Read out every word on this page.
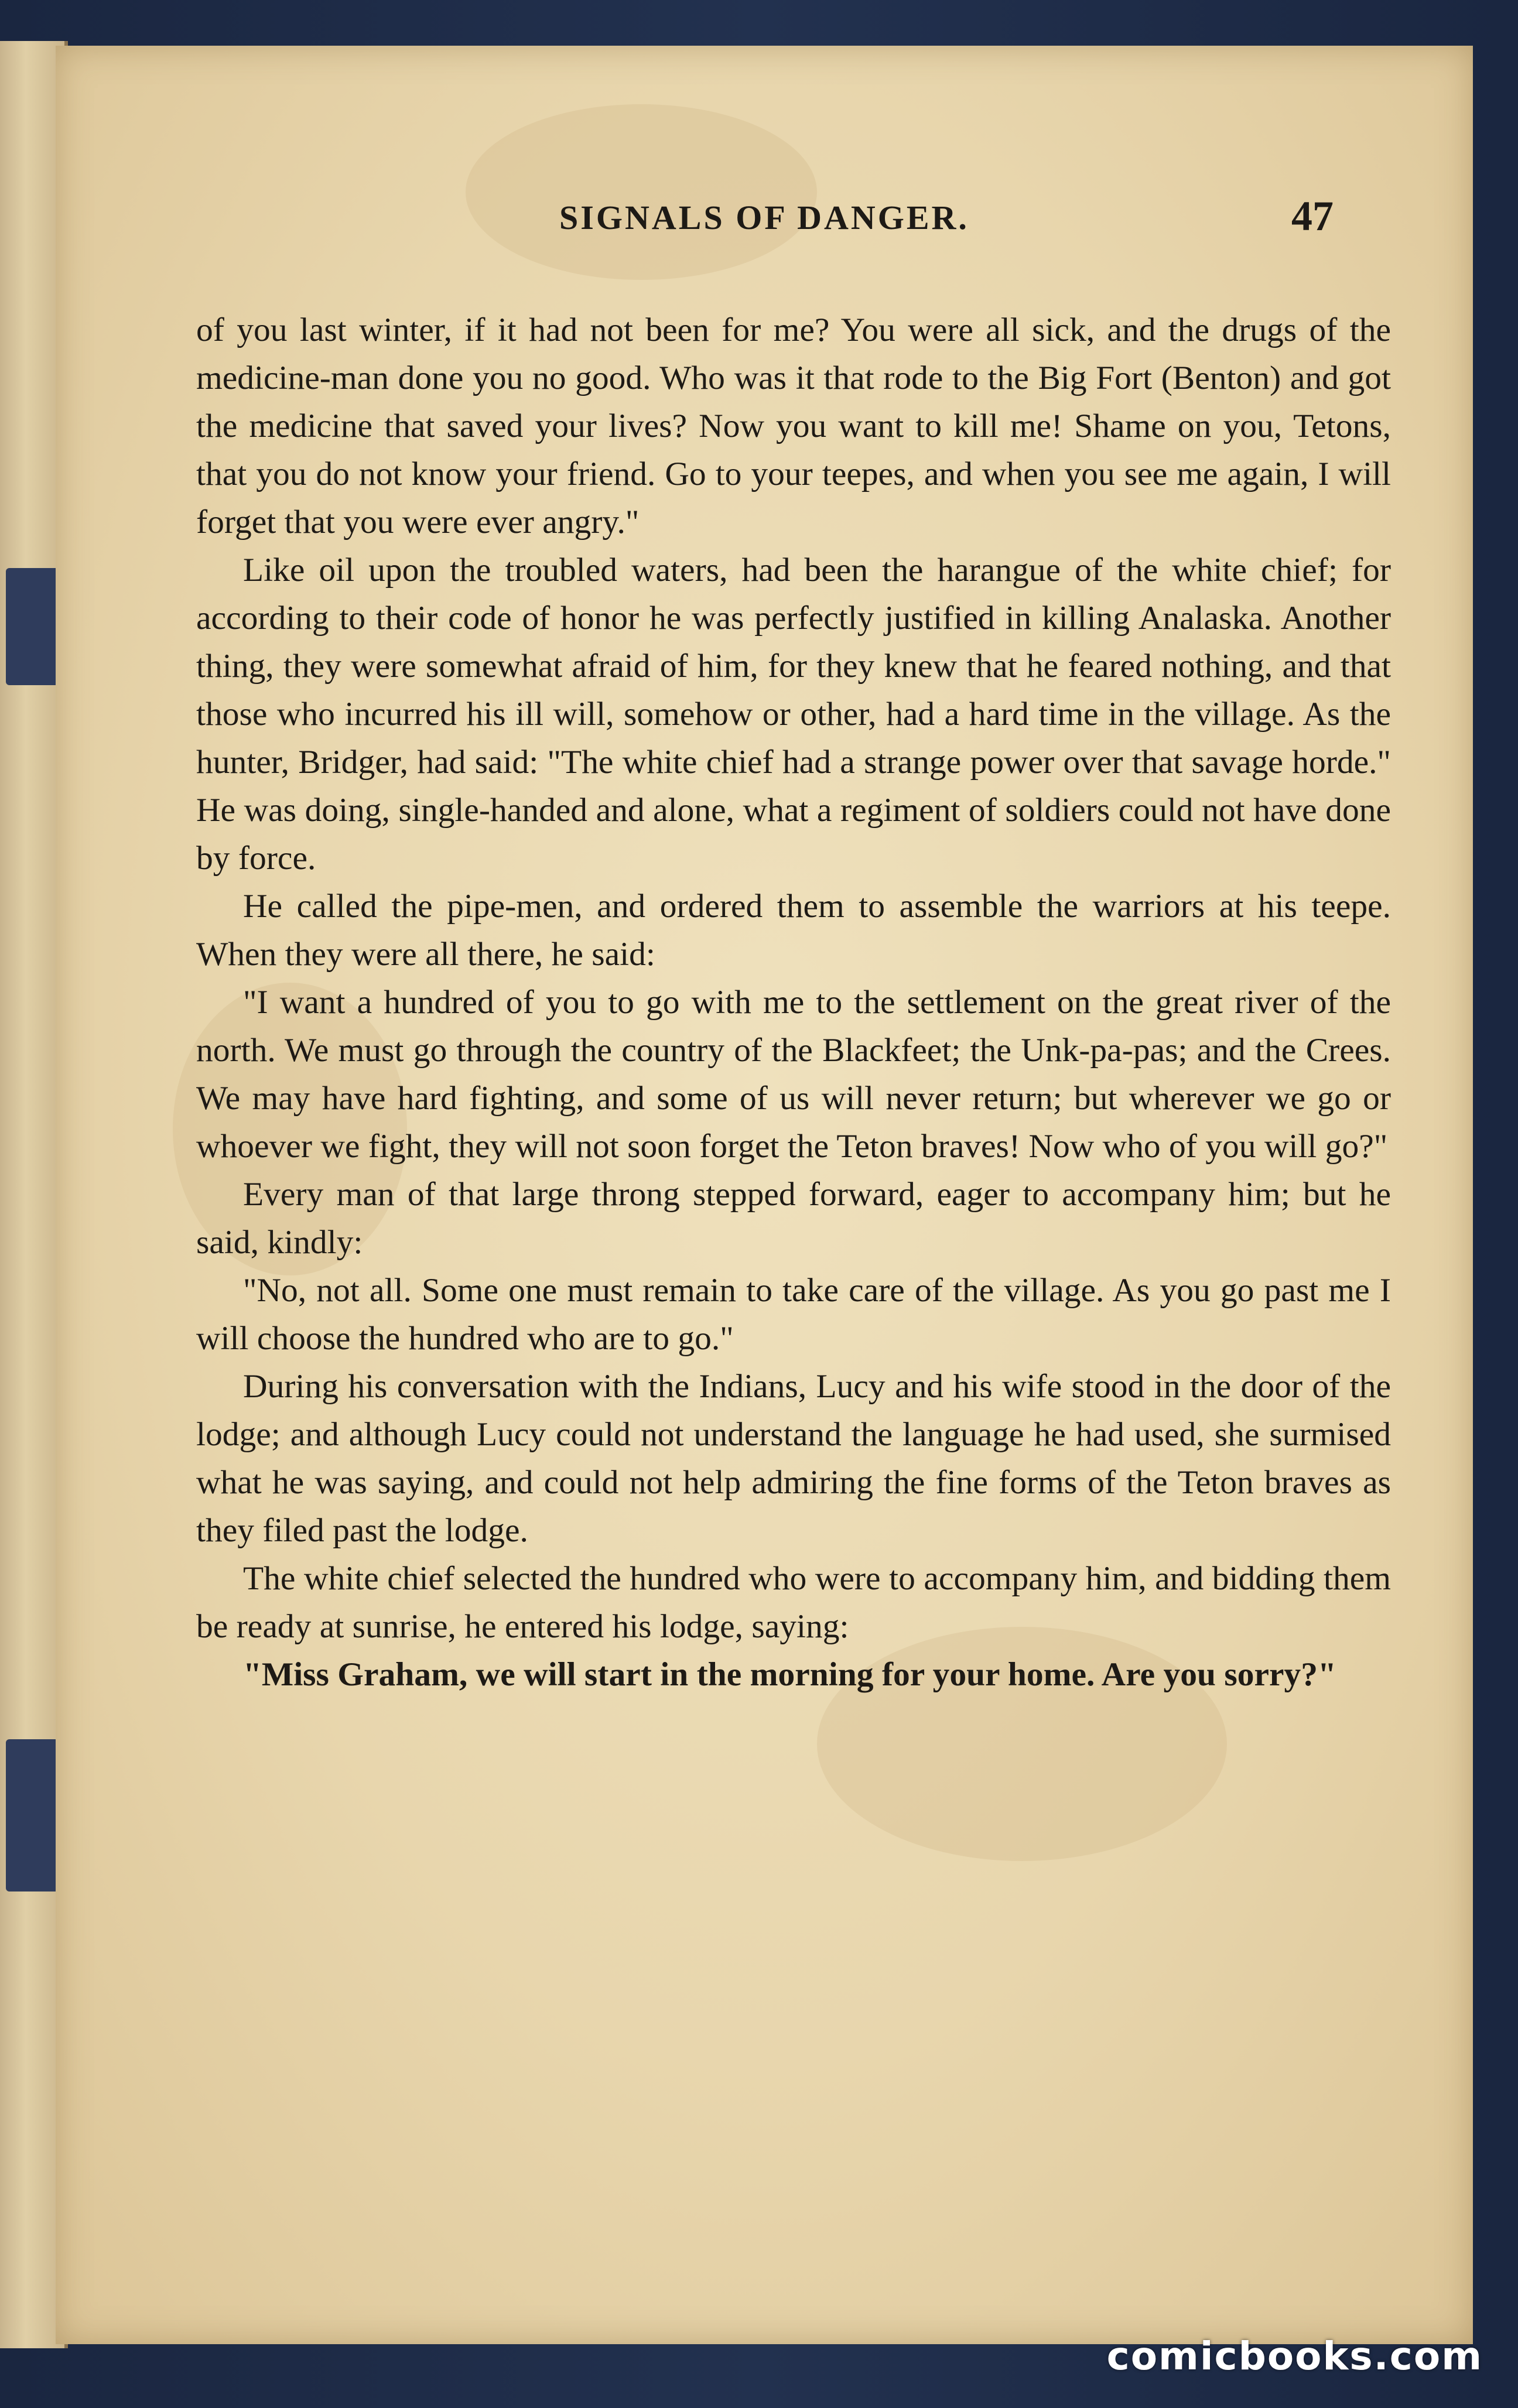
SIGNALS OF DANGER.	47

of you last winter, if it had not been for me? You were all sick, and the drugs of the medicine-man done you no good. Who was it that rode to the Big Fort (Benton) and got the medicine that saved your lives? Now you want to kill me! Shame on you, Tetons, that you do not know your friend. Go to your teepes, and when you see me again, I will forget that you were ever angry."

Like oil upon the troubled waters, had been the harangue of the white chief; for according to their code of honor he was perfectly justified in killing Analaska. Another thing, they were somewhat afraid of him, for they knew that he feared nothing, and that those who incurred his ill will, somehow or other, had a hard time in the village. As the hunter, Bridger, had said: "The white chief had a strange power over that savage horde." He was doing, single-handed and alone, what a regiment of soldiers could not have done by force.

He called the pipe-men, and ordered them to assemble the warriors at his teepe. When they were all there, he said:

"I want a hundred of you to go with me to the settlement on the great river of the north. We must go through the country of the Blackfeet; the Unk-pa-pas; and the Crees. We may have hard fighting, and some of us will never return; but wherever we go or whoever we fight, they will not soon forget the Teton braves! Now who of you will go?"

Every man of that large throng stepped forward, eager to accompany him; but he said, kindly:

"No, not all. Some one must remain to take care of the village. As you go past me I will choose the hundred who are to go."

During his conversation with the Indians, Lucy and his wife stood in the door of the lodge; and although Lucy could not understand the language he had used, she surmised what he was saying, and could not help admiring the fine forms of the Teton braves as they filed past the lodge.

The white chief selected the hundred who were to accompany him, and bidding them be ready at sunrise, he entered his lodge, saying:

"Miss Graham, we will start in the morning for your home. Are you sorry?"

comicbooks.com
